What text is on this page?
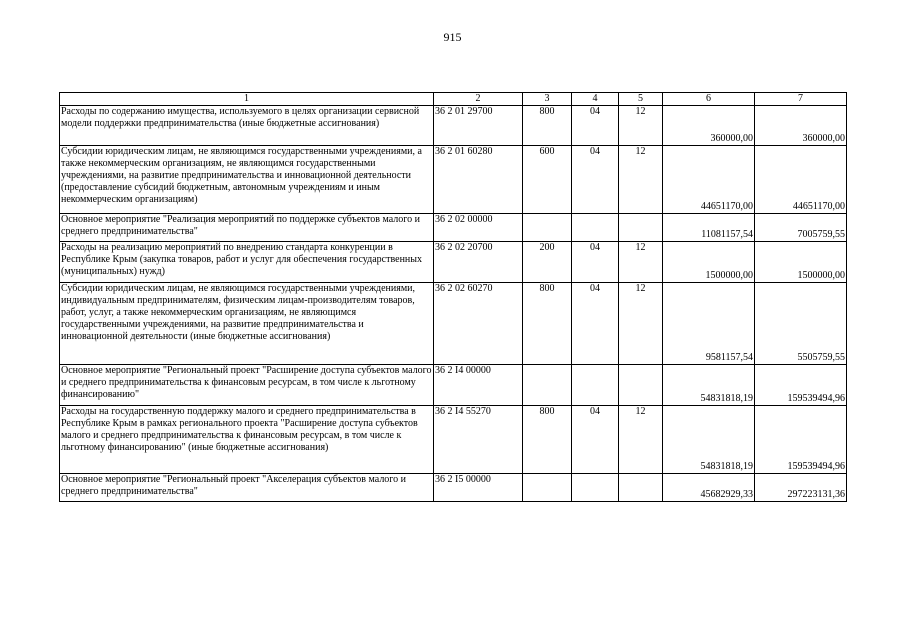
915
1	2	3	4	5	6	7
Расходы по содержанию имущества, используемого в целях организации сервисной модели поддержки предпринимательства (иные бюджетные ассигнования)	36 2 01 29700	800	04	12	360000,00	360000,00
Субсидии юридическим лицам, не являющимся государственными учреждениями, а также некоммерческим организациям, не являющимся государственными учреждениями, на развитие предпринимательства и инновационной деятельности (предоставление субсидий бюджетным, автономным учреждениям и иным некоммерческим организациям)	36 2 01 60280	600	04	12	44651170,00	44651170,00
Основное мероприятие "Реализация мероприятий по поддержке субъектов малого и среднего предпринимательства"	36 2 02 00000				11081157,54	7005759,55
Расходы на реализацию мероприятий по внедрению стандарта конкуренции в Республике Крым (закупка товаров, работ и услуг для обеспечения государственных (муниципальных) нужд)	36 2 02 20700	200	04	12	1500000,00	1500000,00
Субсидии юридическим лицам, не являющимся государственными учреждениями, индивидуальным предпринимателям, физическим лицам-производителям товаров, работ, услуг, а также некоммерческим организациям, не являющимся государственными учреждениями, на развитие предпринимательства и инновационной деятельности (иные бюджетные ассигнования)	36 2 02 60270	800	04	12	9581157,54	5505759,55
Основное мероприятие "Региональный проект "Расширение доступа субъектов малого и среднего предпринимательства к финансовым ресурсам, в том числе к льготному финансированию"	36 2 I4 00000				54831818,19	159539494,96
Расходы на государственную поддержку малого и среднего предпринимательства в Республике Крым в рамках регионального проекта "Расширение доступа субъектов малого и среднего предпринимательства к финансовым ресурсам, в том числе к льготному финансированию" (иные бюджетные ассигнования)	36 2 I4 55270	800	04	12	54831818,19	159539494,96
Основное мероприятие "Региональный проект "Акселерация субъектов малого и среднего предпринимательства"	36 2 I5 00000				45682929,33	297223131,36
